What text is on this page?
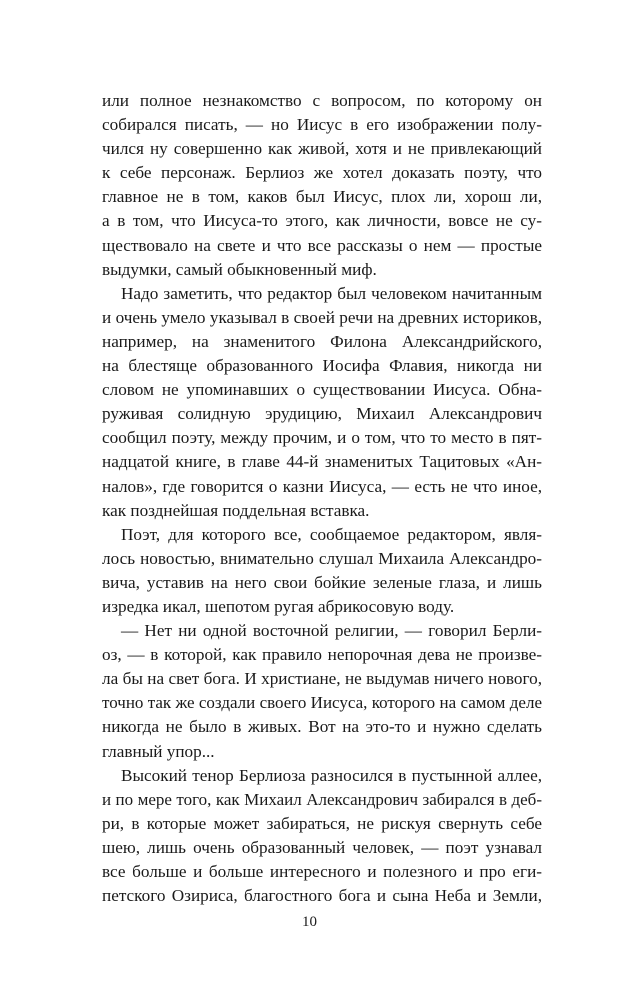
или полное незнакомство с вопросом, по которому он
собирался писать, — но Иисус в его изображении полу-
чился ну совершенно как живой, хотя и не привлекающий
к себе персонаж. Берлиоз же хотел доказать поэту, что
главное не в том, каков был Иисус, плох ли, хорош ли,
а в том, что Иисуса-то этого, как личности, вовсе не су-
ществовало на свете и что все рассказы о нем — простые
выдумки, самый обыкновенный миф.
Надо заметить, что редактор был человеком начитанным
и очень умело указывал в своей речи на древних историков,
например, на знаменитого Филона Александрийского,
на блестяще образованного Иосифа Флавия, никогда ни
словом не упоминавших о существовании Иисуса. Обна-
руживая солидную эрудицию, Михаил Александрович
сообщил поэту, между прочим, и о том, что то место в пят-
надцатой книге, в главе 44-й знаменитых Тацитовых «Ан-
налов», где говорится о казни Иисуса, — есть не что иное,
как позднейшая поддельная вставка.
Поэт, для которого все, сообщаемое редактором, явля-
лось новостью, внимательно слушал Михаила Александро-
вича, уставив на него свои бойкие зеленые глаза, и лишь
изредка икал, шепотом ругая абрикосовую воду.
— Нет ни одной восточной религии, — говорил Берли-
оз, — в которой, как правило непорочная дева не произве-
ла бы на свет бога. И христиане, не выдумав ничего нового,
точно так же создали своего Иисуса, которого на самом деле
никогда не было в живых. Вот на это-то и нужно сделать
главный упор...
Высокий тенор Берлиоза разносился в пустынной аллее,
и по мере того, как Михаил Александрович забирался в деб-
ри, в которые может забираться, не рискуя свернуть себе
шею, лишь очень образованный человек, — поэт узнавал
все больше и больше интересного и полезного и про еги-
петского Озириса, благостного бога и сына Неба и Земли,
10
